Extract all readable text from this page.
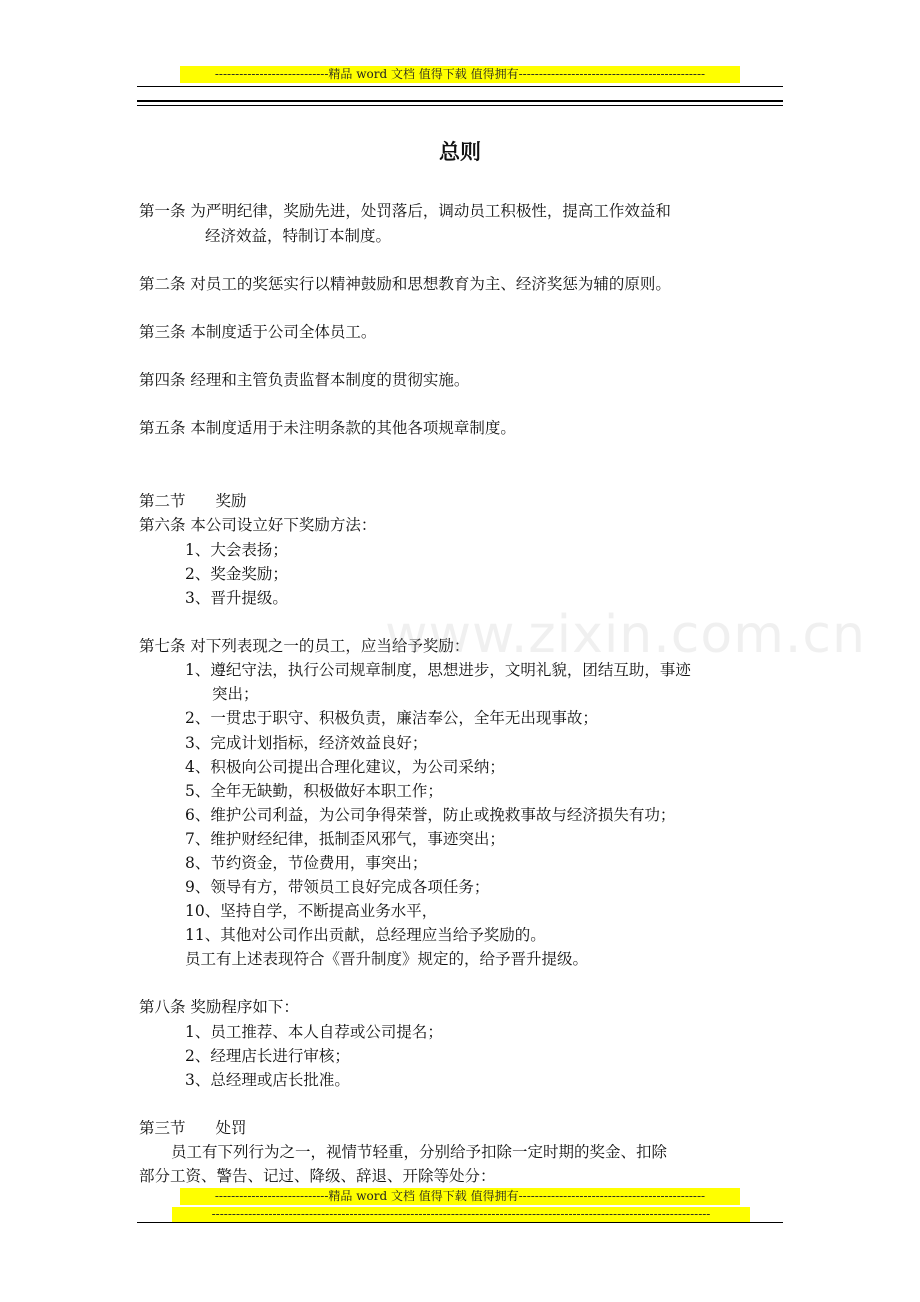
----------------------------精品 word 文档 值得下载 值得拥有----------------------------------------------
总则
第一条 为严明纪律，奖励先进，处罚落后，调动员工积极性，提高工作效益和
经济效益，特制订本制度。
第二条 对员工的奖惩实行以精神鼓励和思想教育为主、经济奖惩为辅的原则。
第三条 本制度适于公司全体员工。
第四条 经理和主管负责监督本制度的贯彻实施。
第五条 本制度适用于未注明条款的其他各项规章制度。
第二节 奖励
第六条 本公司设立好下奖励方法：
1、大会表扬；
2、奖金奖励；
3、晋升提级。
第七条 对下列表现之一的员工，应当给予奖励：
1、遵纪守法，执行公司规章制度，思想进步，文明礼貌，团结互助，事迹
突出；
2、一贯忠于职守、积极负责，廉洁奉公，全年无出现事故；
3、完成计划指标，经济效益良好；
4、积极向公司提出合理化建议，为公司采纳；
5、全年无缺勤，积极做好本职工作；
6、维护公司利益，为公司争得荣誉，防止或挽救事故与经济损失有功；
7、维护财经纪律，抵制歪风邪气，事迹突出；
8、节约资金，节俭费用，事突出；
9、领导有方，带领员工良好完成各项任务；
10、坚持自学，不断提高业务水平，
11、其他对公司作出贡献，总经理应当给予奖励的。
员工有上述表现符合《晋升制度》规定的，给予晋升提级。
第八条 奖励程序如下：
1、员工推荐、本人自荐或公司提名；
2、经理店长进行审核；
3、总经理或店长批准。
第三节 处罚
员工有下列行为之一，视情节轻重，分别给予扣除一定时期的奖金、扣除
部分工资、警告、记过、降级、辞退、开除等处分：
----------------------------精品 word 文档 值得下载 值得拥有----------------------------------------------
---------------------------------------------------------------------------------------------------------------------------
www.zixin.com.cn
